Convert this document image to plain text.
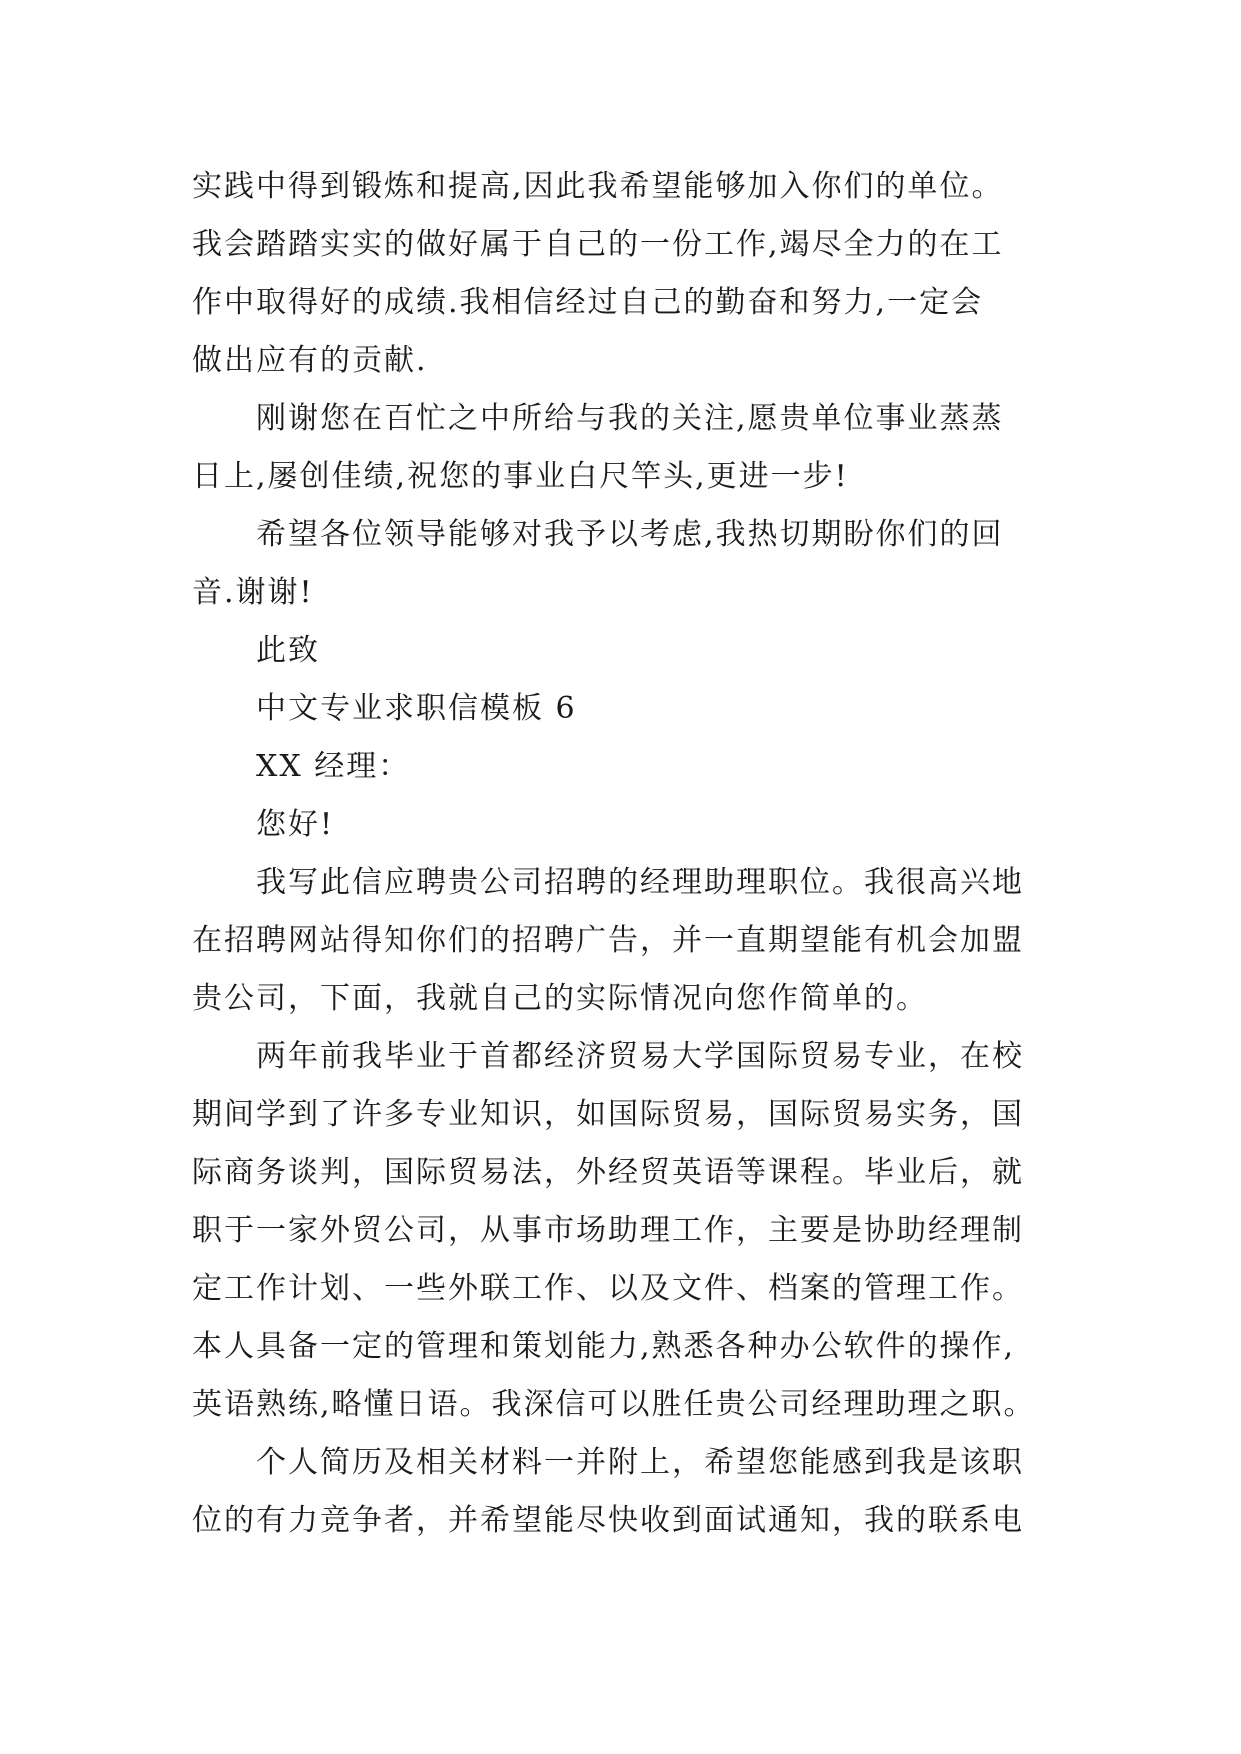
实践中得到锻炼和提高,因此我希望能够加入你们的单位。
我会踏踏实实的做好属于自己的一份工作,竭尽全力的在工
作中取得好的成绩.我相信经过自己的勤奋和努力,一定会
做出应有的贡献.
刚谢您在百忙之中所给与我的关注,愿贵单位事业蒸蒸
日上,屡创佳绩,祝您的事业白尺竿头,更进一步!
希望各位领导能够对我予以考虑,我热切期盼你们的回
音.谢谢!
此致
中文专业求职信模板 6
XX 经理：
您好!
我写此信应聘贵公司招聘的经理助理职位。我很高兴地
在招聘网站得知你们的招聘广告，并一直期望能有机会加盟
贵公司，下面，我就自己的实际情况向您作简单的。
两年前我毕业于首都经济贸易大学国际贸易专业，在校
期间学到了许多专业知识，如国际贸易，国际贸易实务，国
际商务谈判，国际贸易法，外经贸英语等课程。毕业后，就
职于一家外贸公司，从事市场助理工作，主要是协助经理制
定工作计划、一些外联工作、以及文件、档案的管理工作。
本人具备一定的管理和策划能力,熟悉各种办公软件的操作,
英语熟练,略懂日语。我深信可以胜任贵公司经理助理之职。
个人简历及相关材料一并附上，希望您能感到我是该职
位的有力竞争者，并希望能尽快收到面试通知，我的联系电
